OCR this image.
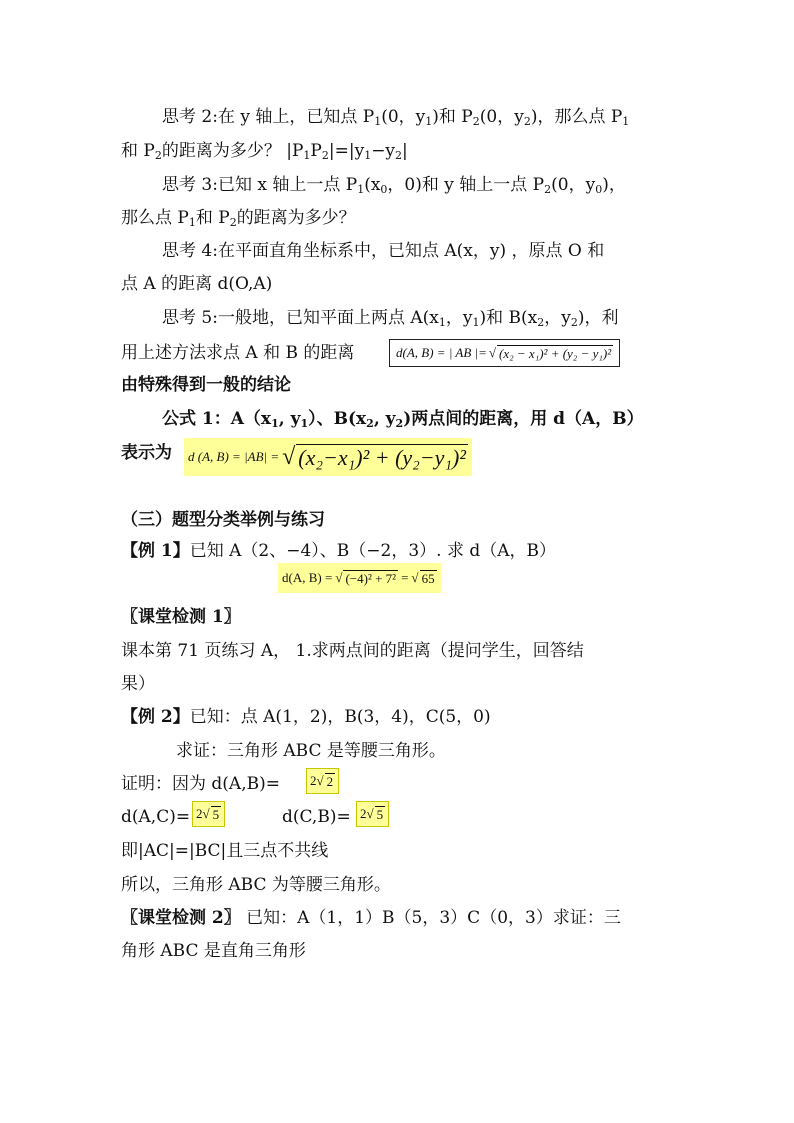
思考 2:在 y 轴上，已知点 $P_1(0$，$y_1$)和 $P_2(0$，$y_2$)，那么点 $P_1$
和 $P_2$的距离为多少？ $|P_1P_2|=|y_1-y_2|$
思考 3:已知 x 轴上一点 $P_1(x_0$，0)和 y 轴上一点 $P_2(0$，$y_0$)，
那么点 $P_1$和 $P_2$的距离为多少？
思考 4:在平面直角坐标系中，已知点 A(x，y) ，原点 O 和
点 A 的距离 d(O,A)
思考 5:一般地，已知平面上两点 $A(x_1$，$y_1$)和 $B(x_2$，$y_2$)，利
用上述方法求点 A 和 B 的距离	d(A, B) = | AB |= √ (x₂ − x₁)² + (y₂ − y₁)²
由特殊得到一般的结论
公式 1：$A(x_1$, $y_1$）、$B(x_2$, $y_2$)两点间的距离，用 d（A，B）
表示为 d (A, B) = |AB| = √ (x₂−x₁)² + (y₂−y₁)²
（三）题型分类举例与练习
【例 1】已知 A（2、−4）、B（−2，3）. 求 d（A，B）
d(A, B) = √ (−4)² + 7² = √ 65
〖课堂检测 1〗
课本第 71 页练习 A， 1.求两点间的距离（提问学生，回答结
果）
【例 2】已知：点 A(1，2)，B(3，4)，C(5，0)
求证：三角形 ABC 是等腰三角形。
证明：因为 d(A,B)= 2 √ 2
d(A,C)= 2 √ 5	d(C,B)= 2 √ 5
即|AC|=|BC|且三点不共线
所以，三角形 ABC 为等腰三角形。
〖课堂检测 2〗 已知：A（1，1）B（5，3）C（0，3）求证：三
角形 ABC 是直角三角形
